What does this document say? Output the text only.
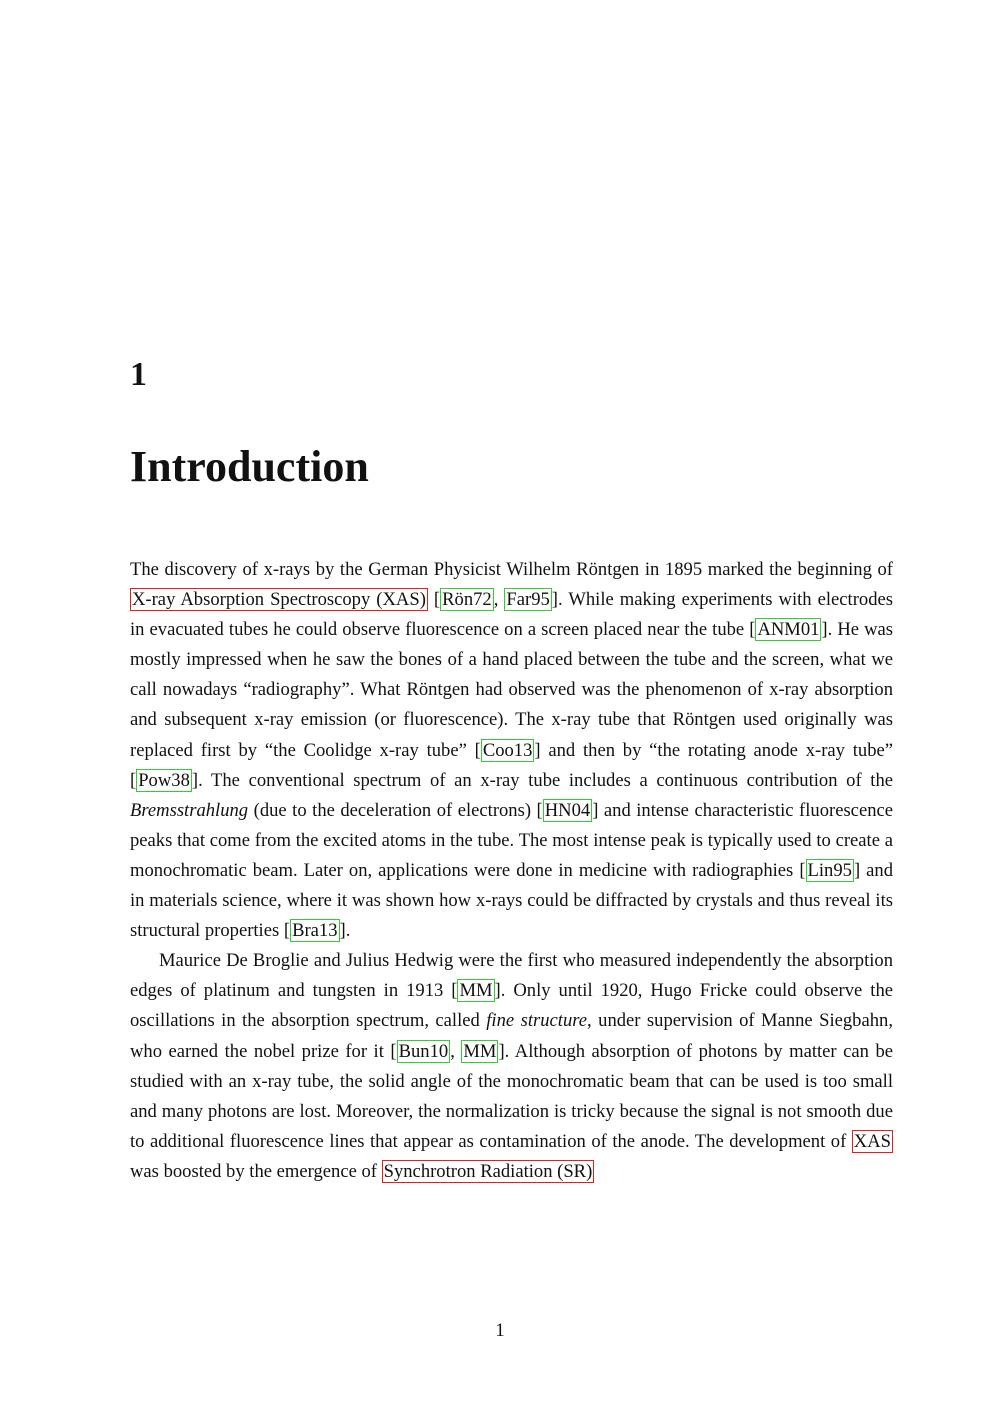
1
Introduction

The discovery of x-rays by the German Physicist Wilhelm Röntgen in 1895 marked the beginning of X-ray Absorption Spectroscopy (XAS) [ Rön72 , Far95 ]. While making experiments with electrodes in evacuated tubes he could observe fluorescence on a screen placed near the tube [ ANM01 ]. He was mostly impressed when he saw the bones of a hand placed between the tube and the screen, what we call nowadays “radiography”. What Röntgen had observed was the phenomenon of x-ray absorption and subsequent x-ray emission (or fluorescence). The x-ray tube that Röntgen used originally was replaced first by “the Coolidge x-ray tube” [ Coo13 ] and then by “the rotating anode x-ray tube” [ Pow38 ]. The conventional spectrum of an x-ray tube includes a continuous contribution of the Bremsstrahlung (due to the deceleration of electrons) [ HN04 ] and intense characteristic fluorescence peaks that come from the excited atoms in the tube. The most intense peak is typically used to create a monochromatic beam. Later on, applications were done in medicine with radiographies [ Lin95 ] and in materials science, where it was shown how x-rays could be diffracted by crystals and thus reveal its structural properties [ Bra13 ].

Maurice De Broglie and Julius Hedwig were the first who measured independently the absorption edges of platinum and tungsten in 1913 [ MM ]. Only until 1920, Hugo Fricke could observe the oscillations in the absorption spectrum, called fine structure, under supervision of Manne Siegbahn, who earned the nobel prize for it [ Bun10 , MM ]. Although absorption of photons by matter can be studied with an x-ray tube, the solid angle of the monochromatic beam that can be used is too small and many photons are lost. Moreover, the normalization is tricky because the signal is not smooth due to additional fluorescence lines that appear as contamination of the anode. The development of XAS was boosted by the emergence of Synchrotron Radiation (SR)

1
